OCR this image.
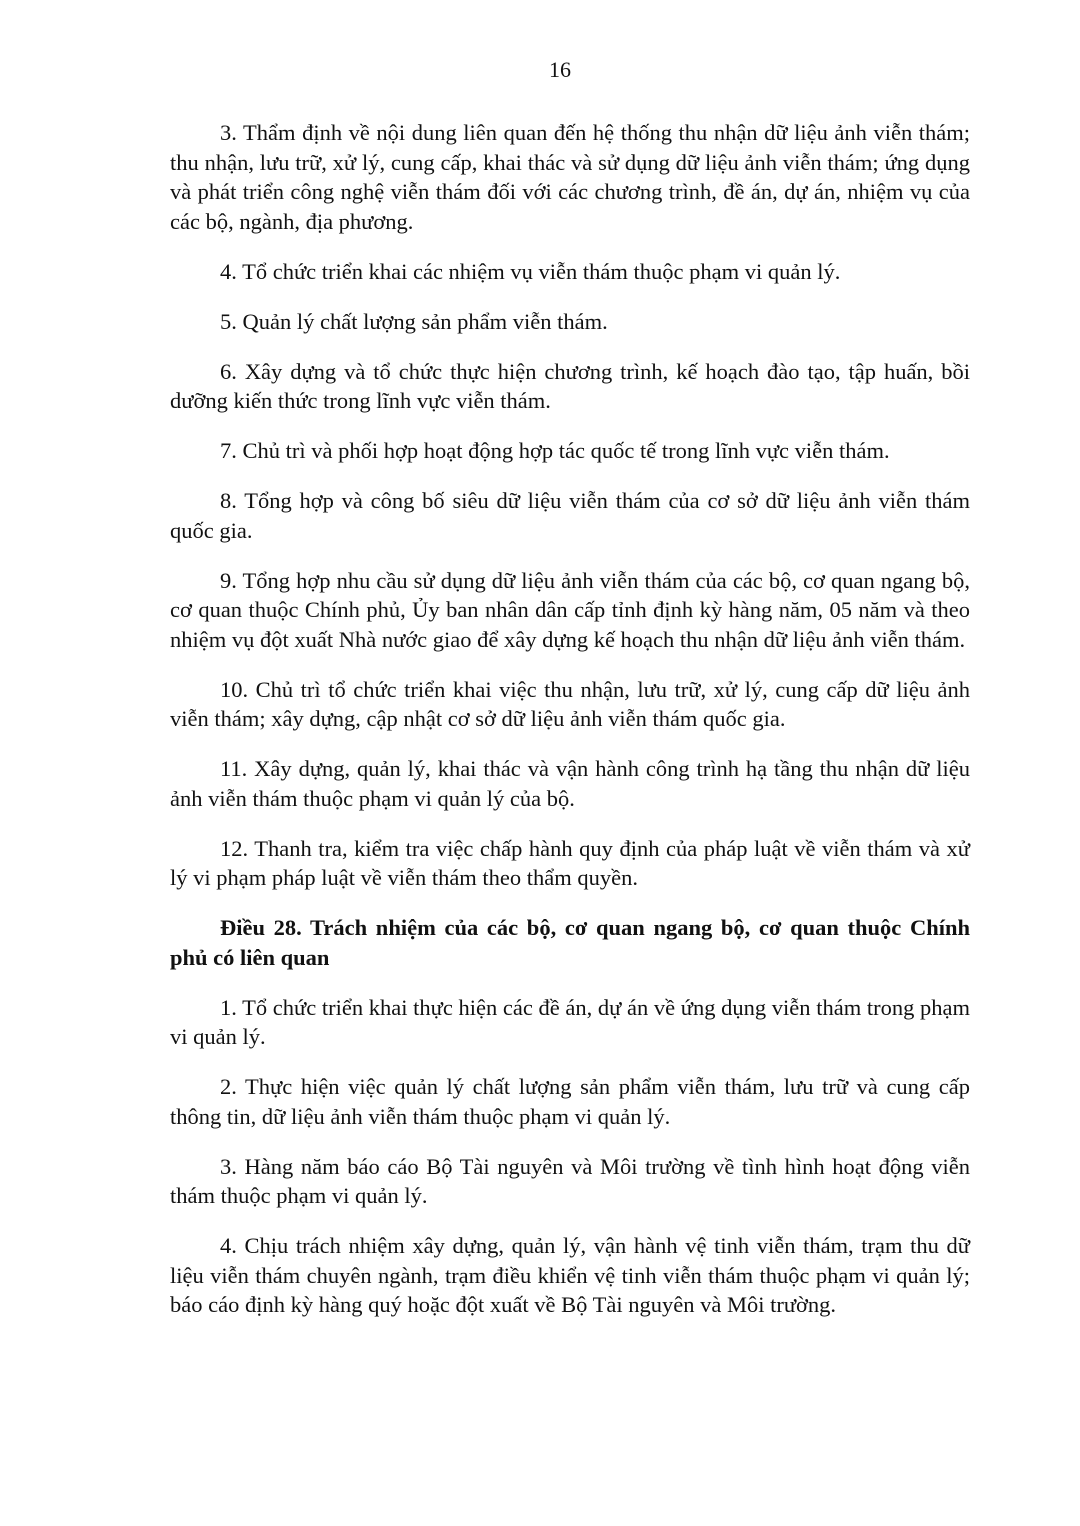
16

3. Thẩm định về nội dung liên quan đến hệ thống thu nhận dữ liệu ảnh viễn thám; thu nhận, lưu trữ, xử lý, cung cấp, khai thác và sử dụng dữ liệu ảnh viễn thám; ứng dụng và phát triển công nghệ viễn thám đối với các chương trình, đề án, dự án, nhiệm vụ của các bộ, ngành, địa phương.

4. Tổ chức triển khai các nhiệm vụ viễn thám thuộc phạm vi quản lý.

5. Quản lý chất lượng sản phẩm viễn thám.

6. Xây dựng và tổ chức thực hiện chương trình, kế hoạch đào tạo, tập huấn, bồi dưỡng kiến thức trong lĩnh vực viễn thám.

7. Chủ trì và phối hợp hoạt động hợp tác quốc tế trong lĩnh vực viễn thám.

8. Tổng hợp và công bố siêu dữ liệu viễn thám của cơ sở dữ liệu ảnh viễn thám quốc gia.

9. Tổng hợp nhu cầu sử dụng dữ liệu ảnh viễn thám của các bộ, cơ quan ngang bộ, cơ quan thuộc Chính phủ, Ủy ban nhân dân cấp tỉnh định kỳ hàng năm, 05 năm và theo nhiệm vụ đột xuất Nhà nước giao để xây dựng kế hoạch thu nhận dữ liệu ảnh viễn thám.

10. Chủ trì tổ chức triển khai việc thu nhận, lưu trữ, xử lý, cung cấp dữ liệu ảnh viễn thám; xây dựng, cập nhật cơ sở dữ liệu ảnh viễn thám quốc gia.

11. Xây dựng, quản lý, khai thác và vận hành công trình hạ tầng thu nhận dữ liệu ảnh viễn thám thuộc phạm vi quản lý của bộ.

12. Thanh tra, kiểm tra việc chấp hành quy định của pháp luật về viễn thám và xử lý vi phạm pháp luật về viễn thám theo thẩm quyền.

Điều 28. Trách nhiệm của các bộ, cơ quan ngang bộ, cơ quan thuộc Chính phủ có liên quan

1. Tổ chức triển khai thực hiện các đề án, dự án về ứng dụng viễn thám trong phạm vi quản lý.

2. Thực hiện việc quản lý chất lượng sản phẩm viễn thám, lưu trữ và cung cấp thông tin, dữ liệu ảnh viễn thám thuộc phạm vi quản lý.

3. Hàng năm báo cáo Bộ Tài nguyên và Môi trường về tình hình hoạt động viễn thám thuộc phạm vi quản lý.

4. Chịu trách nhiệm xây dựng, quản lý, vận hành vệ tinh viễn thám, trạm thu dữ liệu viễn thám chuyên ngành, trạm điều khiển vệ tinh viễn thám thuộc phạm vi quản lý; báo cáo định kỳ hàng quý hoặc đột xuất về Bộ Tài nguyên và Môi trường.
